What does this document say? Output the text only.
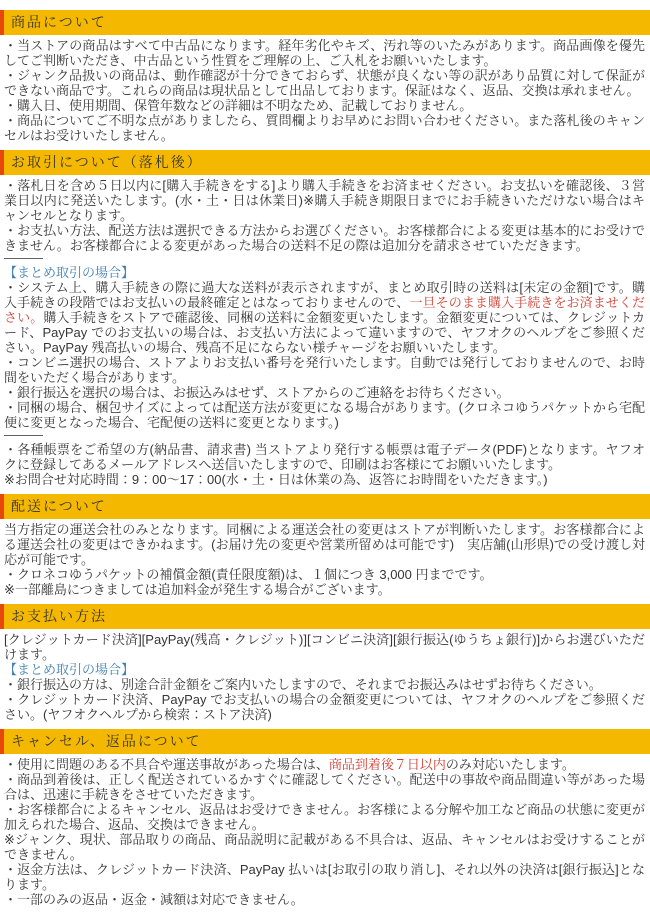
商品について

・当ストアの商品はすべて中古品になります。経年劣化やキズ、汚れ等のいたみがあります。商品画像を優先してご判断いただき、中古品という性質をご理解の上、ご入札をお願いいたします。

・ジャンク品扱いの商品は、動作確認が十分できておらず、状態が良くない等の訳があり品質に対して保証ができない商品です。これらの商品は現状品として出品しております。保証はなく、返品、交換は承れません。

・購入日、使用期間、保管年数などの詳細は不明なため、記載しておりません。

・商品についてご不明な点がありましたら、質問欄よりお早めにお問い合わせください。また落札後のキャンセルはお受けいたしません。

お取引について（落札後）

・落札日を含め５日以内に[購入手続きをする]より購入手続きをお済ませください。お支払いを確認後、３営業日以内に発送いたします。(水・土・日は休業日)※購入手続き期限日までにお手続きいただけない場合はキャンセルとなります。

・お支払い方法、配送方法は選択できる方法からお選びください。お客様都合による変更は基本的にお受けできません。お客様都合による変更があった場合の送料不足の際は追加分を請求させていただきます。

―――

【まとめ取引の場合】

・システム上、購入手続きの際に過大な送料が表示されますが、まとめ取引時の送料は[未定の金額]です。購入手続きの段階ではお支払いの最終確定とはなっておりませんので、一旦そのまま購入手続きをお済ませください。購入手続きをストアで確認後、同梱の送料に金額変更いたします。金額変更については、クレジットカード、PayPay でのお支払いの場合は、お支払い方法によって違いますので、ヤフオクのヘルプをご参照ください。PayPay 残高払いの場合、残高不足にならない様チャージをお願いいたします。

・コンビニ選択の場合、ストアよりお支払い番号を発行いたします。自動では発行しておりませんので、お時間をいただく場合があります。

・銀行振込を選択の場合は、お振込みはせず、ストアからのご連絡をお待ちください。

・同梱の場合、梱包サイズによっては配送方法が変更になる場合があります。(クロネコゆうパケットから宅配便に変更となった場合、宅配便の送料に変更となります。)

―――

・各種帳票をご希望の方(納品書、請求書) 当ストアより発行する帳票は電子データ(PDF)となります。ヤフオクに登録してあるメールアドレスへ送信いたしますので、印刷はお客様にてお願いいたします。

※お問合せ対応時間：9：00～17：00(水・土・日は休業の為、返答にお時間をいただきます。)

配送について

当方指定の運送会社のみとなります。同梱による運送会社の変更はストアが判断いたします。お客様都合による運送会社の変更はできかねます。(お届け先の変更や営業所留めは可能です)　実店舗(山形県)での受け渡し対応が可能です。

・クロネコゆうパケットの補償金額(責任限度額)は、１個につき 3,000 円までです。

※一部離島につきましては追加料金が発生する場合がございます。

お支払い方法

[クレジットカード決済][PayPay(残高・クレジット)][コンビニ決済][銀行振込(ゆうちょ銀行)]からお選びいただけます。

【まとめ取引の場合】

・銀行振込の方は、別途合計金額をご案内いたしますので、それまでお振込みはせずお待ちください。

・クレジットカード決済、PayPay でお支払いの場合の金額変更については、ヤフオクのヘルプをご参照ください。(ヤフオクヘルプから検索：ストア決済)

キャンセル、返品について

・使用に問題のある不具合や運送事故があった場合は、商品到着後７日以内のみ対応いたします。

・商品到着後は、正しく配送されているかすぐに確認してください。配送中の事故や商品間違い等があった場合は、迅速に手続きをさせていただきます。

・お客様都合によるキャンセル、返品はお受けできません。お客様による分解や加工など商品の状態に変更が加えられた場合、返品、交換はできません。

※ジャンク、現状、部品取りの商品、商品説明に記載がある不具合は、返品、キャンセルはお受けすることができません。

・返金方法は、クレジットカード決済、PayPay 払いは[お取引の取り消し]、それ以外の決済は[銀行振込]となります。

・一部のみの返品・返金・減額は対応できません。
